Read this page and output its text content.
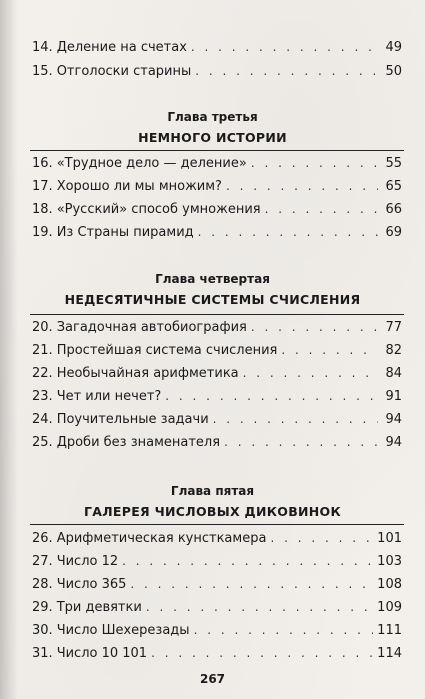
14. Деление на счетах . . .	49
15. Отголоски старины . . .	50
Глава третья
НЕМНОГО ИСТОРИИ
16. «Трудное дело — деление» . . .	55
17. Хорошо ли мы множим? . . .	65
18. «Русский» способ умножения . . .	66
19. Из Страны пирамид . . .	69
Глава четвертая
НЕДЕСЯТИЧНЫЕ СИСТЕМЫ СЧИСЛЕНИЯ
20. Загадочная автобиография . . .	77
21. Простейшая система счисления . . .	82
22. Необычайная арифметика . . .	84
23. Чет или нечет? . . .	91
24. Поучительные задачи . . .	94
25. Дроби без знаменателя . . .	94
Глава пятая
ГАЛЕРЕЯ ЧИСЛОВЫХ ДИКОВИНОК
26. Арифметическая кунсткамера . . .	101
27. Число 12 . . .	103
28. Число 365 . . .	108
29. Три девятки . . .	109
30. Число Шехерезады . . .	111
31. Число 10 101 . . .	114
267
